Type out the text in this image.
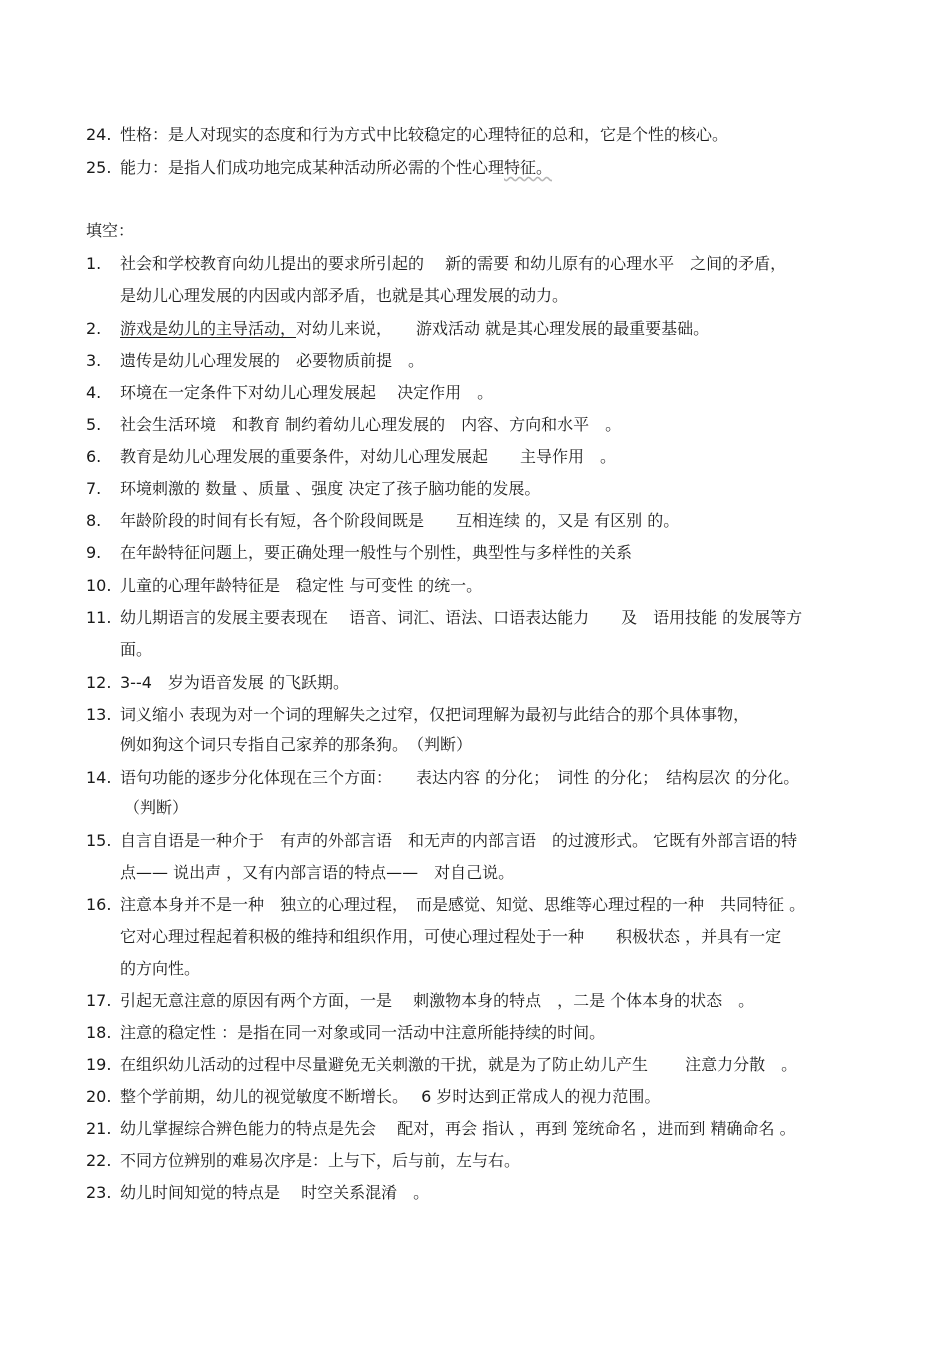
24. 性格：是人对现实的态度和行为方式中比较稳定的心理特征的总和，它是个性的核心。
25. 能力：是指人们成功地完成某种活动所必需的个性心理特征。
填空：
1. 社会和学校教育向幼儿提出的要求所引起的　 新的需要 和幼儿原有的心理水平　之间的矛盾，
是幼儿心理发展的内因或内部矛盾，也就是其心理发展的动力。
2. 游戏是幼儿的主导活动，对幼儿来说，　　游戏活动 就是其心理发展的最重要基础。
3. 遗传是幼儿心理发展的　必要物质前提　。
4. 环境在一定条件下对幼儿心理发展起　 决定作用　。
5. 社会生活环境　和教育 制约着幼儿心理发展的　内容、方向和水平　。
6. 教育是幼儿心理发展的重要条件，对幼儿心理发展起　　主导作用　。
7. 环境刺激的 数量 、质量 、强度 决定了孩子脑功能的发展。
8. 年龄阶段的时间有长有短，各个阶段间既是　　互相连续 的，又是 有区别 的。
9. 在年龄特征问题上，要正确处理一般性与个别性，典型性与多样性的关系
10. 儿童的心理年龄特征是　稳定性 与可变性 的统一。
11. 幼儿期语言的发展主要表现在　 语音、词汇、语法、口语表达能力　　及　语用技能 的发展等方
面。
12. 3--4　岁为语音发展 的飞跃期。
13. 词义缩小 表现为对一个词的理解失之过窄，仅把词理解为最初与此结合的那个具体事物，
例如狗这个词只专指自己家养的那条狗。　（判断）
14. 语句功能的逐步分化体现在三个方面：　　表达内容 的分化；　词性 的分化；　结构层次 的分化。
（判断）
15. 自言自语是一种介于　有声的外部言语　和无声的内部言语　的过渡形式。 它既有外部言语的特
点—— 说出声 ，又有内部言语的特点——　对自己说。
16. 注意本身并不是一种　独立的心理过程，　而是感觉、知觉、思维等心理过程的一种　共同特征 。
它对心理过程起着积极的维持和组织作用，可使心理过程处于一种　　积极状态 ，并具有一定
的方向性。
17. 引起无意注意的原因有两个方面，一是　 刺激物本身的特点　，二是 个体本身的状态　。
18. 注意的稳定性 ：是指在同一对象或同一活动中注意所能持续的时间。
19. 在组织幼儿活动的过程中尽量避免无关刺激的干扰，就是为了防止幼儿产生　　 注意力分散　。
20. 整个学前期，幼儿的视觉敏度不断增长。　 6 岁时达到正常成人的视力范围。
21. 幼儿掌握综合辨色能力的特点是先会　 配对，再会 指认 ，再到 笼统命名 ，进而到 精确命名 。
22. 不同方位辨别的难易次序是：上与下，后与前，左与右。
23. 幼儿时间知觉的特点是　 时空关系混淆　。
